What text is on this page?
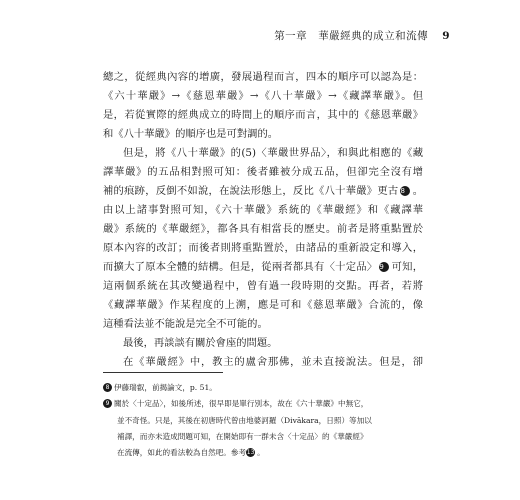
第一章　華嚴經典的成立和流傳 9
總之，從經典內容的增廣，發展過程而言，四本的順序可以認為是：
《六十華嚴》→《慈恩華嚴》→《八十華嚴》→《藏譯華嚴》。但
是，若從實際的經典成立的時間上的順序而言，其中的《慈恩華嚴》
和《八十華嚴》的順序也是可對調的。
但是，將《八十華嚴》的(5)〈華嚴世界品〉，和與此相應的《藏
譯華嚴》的五品相對照可知：後者雖被分成五品，但卻完全沒有增
補的痕跡，反倒不如說，在說法形態上，反比《八十華嚴》更古 8 。
由以上諸事對照可知，《六十華嚴》系統的《華嚴經》和《藏譯華
嚴》系統的《華嚴經》，都各具有相當長的歷史。前者是將重點置於
原本內容的改訂；而後者則將重點置於，由諸品的重新設定和導入，
而擴大了原本全體的結構。但是，從兩者都具有〈十定品〉 9 可知，
這兩個系統在其改變過程中，曾有過一段時期的交點。再者，若將
《藏譯華嚴》作某程度的上溯，應是可和《慈恩華嚴》合流的，像
這種看法並不能說是完全不可能的。
最後，再談談有關於會座的問題。
在《華嚴經》中，教主的盧舍那佛，並未直接說法。但是，卻
8 伊藤瑞叡，前揭論文，p. 51。
9 關於〈十定品〉，如後所述，很早即是單行別本，故在《六十華嚴》中無它，
並不奇怪。只是，其後在初唐時代曾由地婆訶羅（Divākara，日照）等加以
補譯，而亦未造成問題可知，在開始即有一群未含〈十定品〉的《華嚴經》
在流傳，如此的看法較為自然吧。參考13 。
